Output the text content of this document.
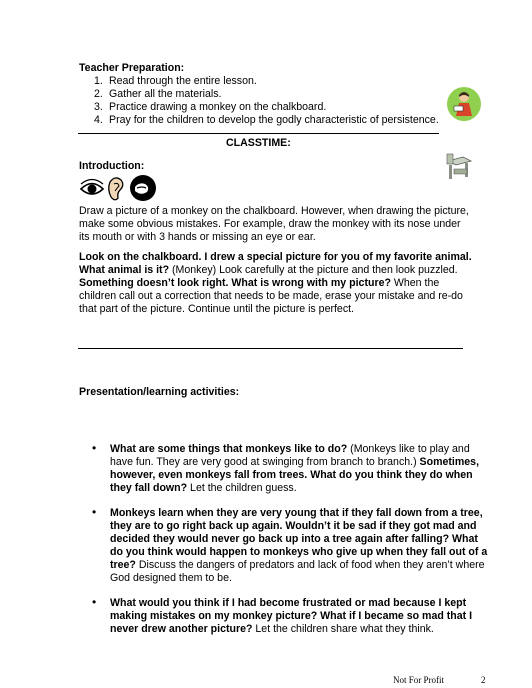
Teacher Preparation:
1. Read through the entire lesson.
2. Gather all the materials.
3. Practice drawing a monkey on the chalkboard.
4. Pray for the children to develop the godly characteristic of persistence.
CLASSTIME:
Introduction:
Draw a picture of a monkey on the chalkboard. However, when drawing the picture, make some obvious mistakes. For example, draw the monkey with its nose under its mouth or with 3 hands or missing an eye or ear.
Look on the chalkboard. I drew a special picture for you of my favorite animal. What animal is it? (Monkey) Look carefully at the picture and then look puzzled. Something doesn’t look right. What is wrong with my picture? When the children call out a correction that needs to be made, erase your mistake and re-do that part of the picture. Continue until the picture is perfect.
Presentation/learning activities:
• What are some things that monkeys like to do? (Monkeys like to play and have fun. They are very good at swinging from branch to branch.) Sometimes, however, even monkeys fall from trees. What do you think they do when they fall down? Let the children guess.
• Monkeys learn when they are very young that if they fall down from a tree, they are to go right back up again. Wouldn’t it be sad if they got mad and decided they would never go back up into a tree again after falling? What do you think would happen to monkeys who give up when they fall out of a tree? Discuss the dangers of predators and lack of food when they aren’t where God designed them to be.
• What would you think if I had become frustrated or mad because I kept making mistakes on my monkey picture? What if I became so mad that I never drew another picture? Let the children share what they think.
Not For Profit	2
